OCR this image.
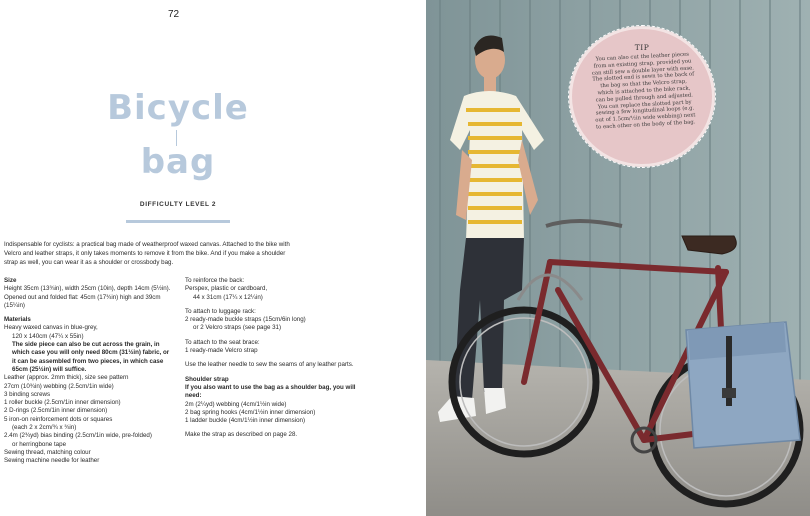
72
Bicycle
bag
DIFFICULTY LEVEL 2
Indispensable for cyclists: a practical bag made of weatherproof waxed canvas. Attached to the bike with Velcro and leather straps, it only takes moments to remove it from the bike. And if you make a shoulder strap as well, you can wear it as a shoulder or crossbody bag.
Size
Height 35cm (13¾in), width 25cm (10in), depth 14cm (5½in). Opened out and folded flat: 45cm (17¾in) high and 39cm (15¼in)
Materials
Heavy waxed canvas in blue-grey,
120 x 140cm (47¼ x 55in)
The side piece can also be cut across the grain, in which case you will only need 80cm (31½in) fabric, or it can be assembled from two pieces, in which case 65cm (25½in) will suffice.
Leather (approx. 2mm thick), size see pattern
27cm (10¾in) webbing (2.5cm/1in wide)
3 binding screws
1 roller buckle (2.5cm/1in inner dimension)
2 D-rings (2.5cm/1in inner dimension)
5 iron-on reinforcement dots or squares
(each 2 x 2cm/¾ x ¾in)
2.4m (2¾yd) bias binding (2.5cm/1in wide, pre-folded)
or herringbone tape
Sewing thread, matching colour
Sewing machine needle for leather
To reinforce the back:
Perspex, plastic or cardboard,
44 x 31cm (17¼ x 12¼in)
To attach to luggage rack:
2 ready-made buckle straps (15cm/6in long)
or 2 Velcro straps (see page 31)
To attach to the seat brace:
1 ready-made Velcro strap
Use the leather needle to sew the seams of any leather parts.
Shoulder strap
If you also want to use the bag as a shoulder bag, you will need:
2m (2¼yd) webbing (4cm/1½in wide)
2 bag spring hooks (4cm/1½in inner dimension)
1 ladder buckle (4cm/1½in inner dimension)
Make the strap as described on page 28.
TIP
You can also cut the leather pieces from an existing strap, provided you can still sew a double layer with ease. The slotted end is sewn to the back of the bag so that the Velcro strap, which is attached to the bike rack, can be pulled through and adjusted. You can replace the slotted part by sewing a few longitudinal loops (e.g. out of 1.5cm/½in wide webbing) next to each other on the body of the bag.
